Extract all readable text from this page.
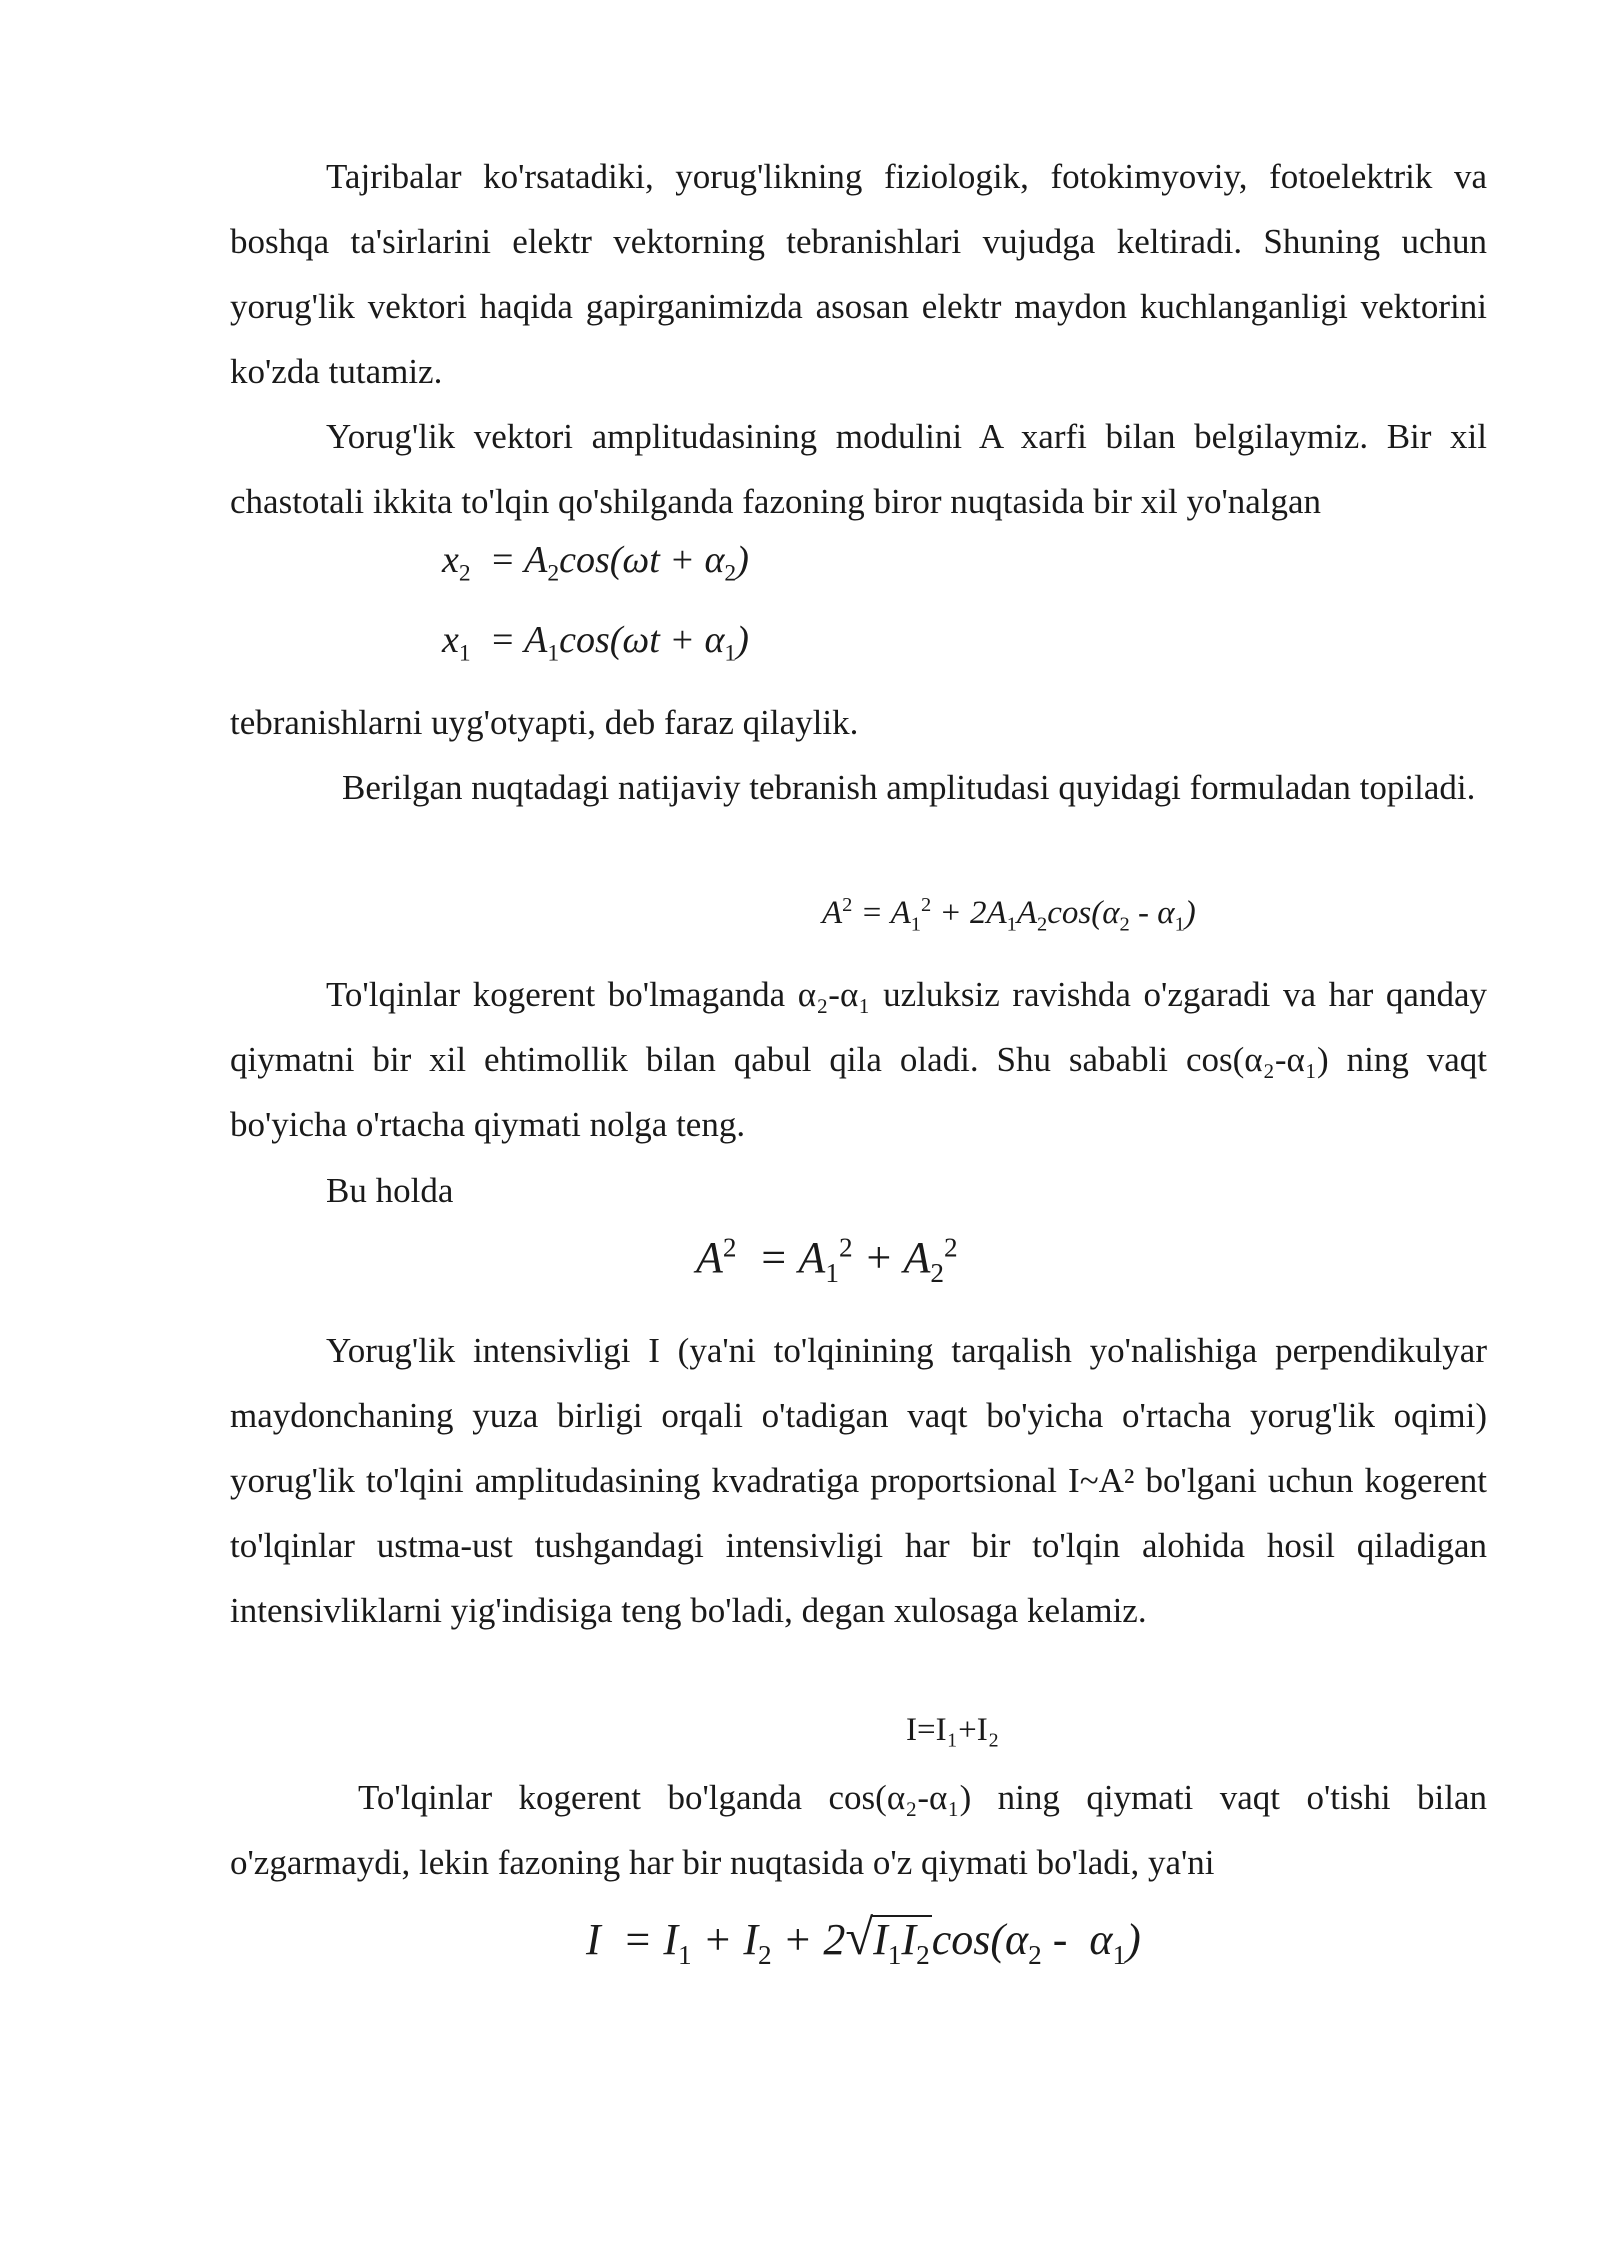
Tajribalar ko'rsatadiki, yorug'likning fiziologik, fotokimyoviy, fotoelektrik va boshqa ta'sirlarini elektr vektorning tebranishlari vujudga keltiradi. Shuning uchun yorug'lik vektori haqida gapirganimizda asosan elektr maydon kuchlanganligi vektorini ko'zda tutamiz.

Yorug'lik vektori amplitudasining modulini A xarfi bilan belgilaymiz. Bir xil chastotali ikkita to'lqin qo'shilganda fazoning biror nuqtasida bir xil yo'nalgan

$x_2 = A_2\cos(\omega t + \alpha_2)$
$x_1 = A_1\cos(\omega t + \alpha_1)$

tebranishlarni uyg'otyapti, deb faraz qilaylik.

Berilgan nuqtadagi natijaviy tebranish amplitudasi quyidagi formuladan topiladi.

$A^2 = A_1^2 + 2A_1A_2\cos(\alpha_2 - \alpha_1)$

To'lqinlar kogerent bo'lmaganda α₂-α₁ uzluksiz ravishda o'zgaradi va har qanday qiymatni bir xil ehtimollik bilan qabul qila oladi. Shu sababli cos(α₂-α₁) ning vaqt bo'yicha o'rtacha qiymati nolga teng.

Bu holda

$A^2 = A_1^2 + A_2^2$

Yorug'lik intensivligi I (ya'ni to'lqinining tarqalish yo'nalishiga perpendikulyar maydonchaning yuza birligi orqali o'tadigan vaqt bo'yicha o'rtacha yorug'lik oqimi) yorug'lik to'lqini amplitudasining kvadratiga proportsional I~A² bo'lgani uchun kogerent to'lqinlar ustma-ust tushgandagi intensivligi har bir to'lqin alohida hosil qiladigan intensivliklarni yig'indisiga teng bo'ladi, degan xulosaga kelamiz.

I=I₁+I₂

To'lqinlar kogerent bo'lganda cos(α₂-α₁) ning qiymati vaqt o'tishi bilan o'zgarmaydi, lekin fazoning har bir nuqtasida o'z qiymati bo'ladi, ya'ni

$I = I_1 + I_2 + 2√I_1I_2\cos(\alpha_2 - \alpha_1)$
